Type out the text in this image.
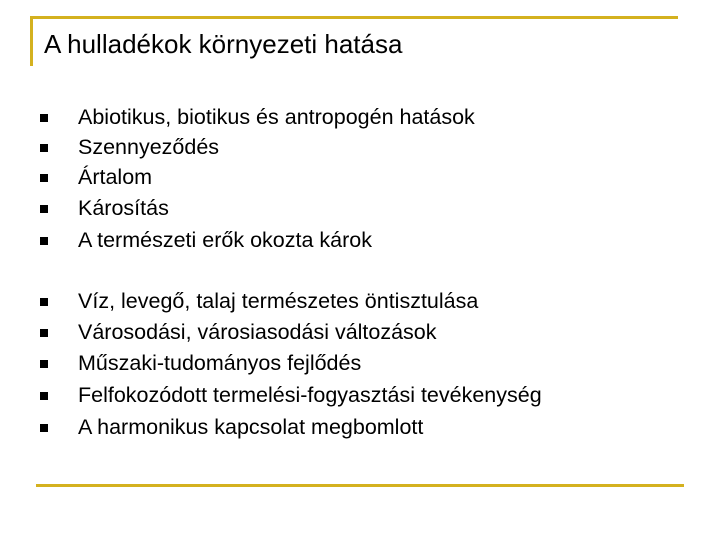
A hulladékok környezeti hatása
Abiotikus, biotikus és antropogén hatások
Szennyeződés
Ártalom
Károsítás
A természeti erők okozta károk
Víz, levegő, talaj természetes öntisztulása
Városodási, városiasodási változások
Műszaki-tudományos fejlődés
Felfokozódott termelési-fogyasztási tevékenység
A harmonikus kapcsolat megbomlott
